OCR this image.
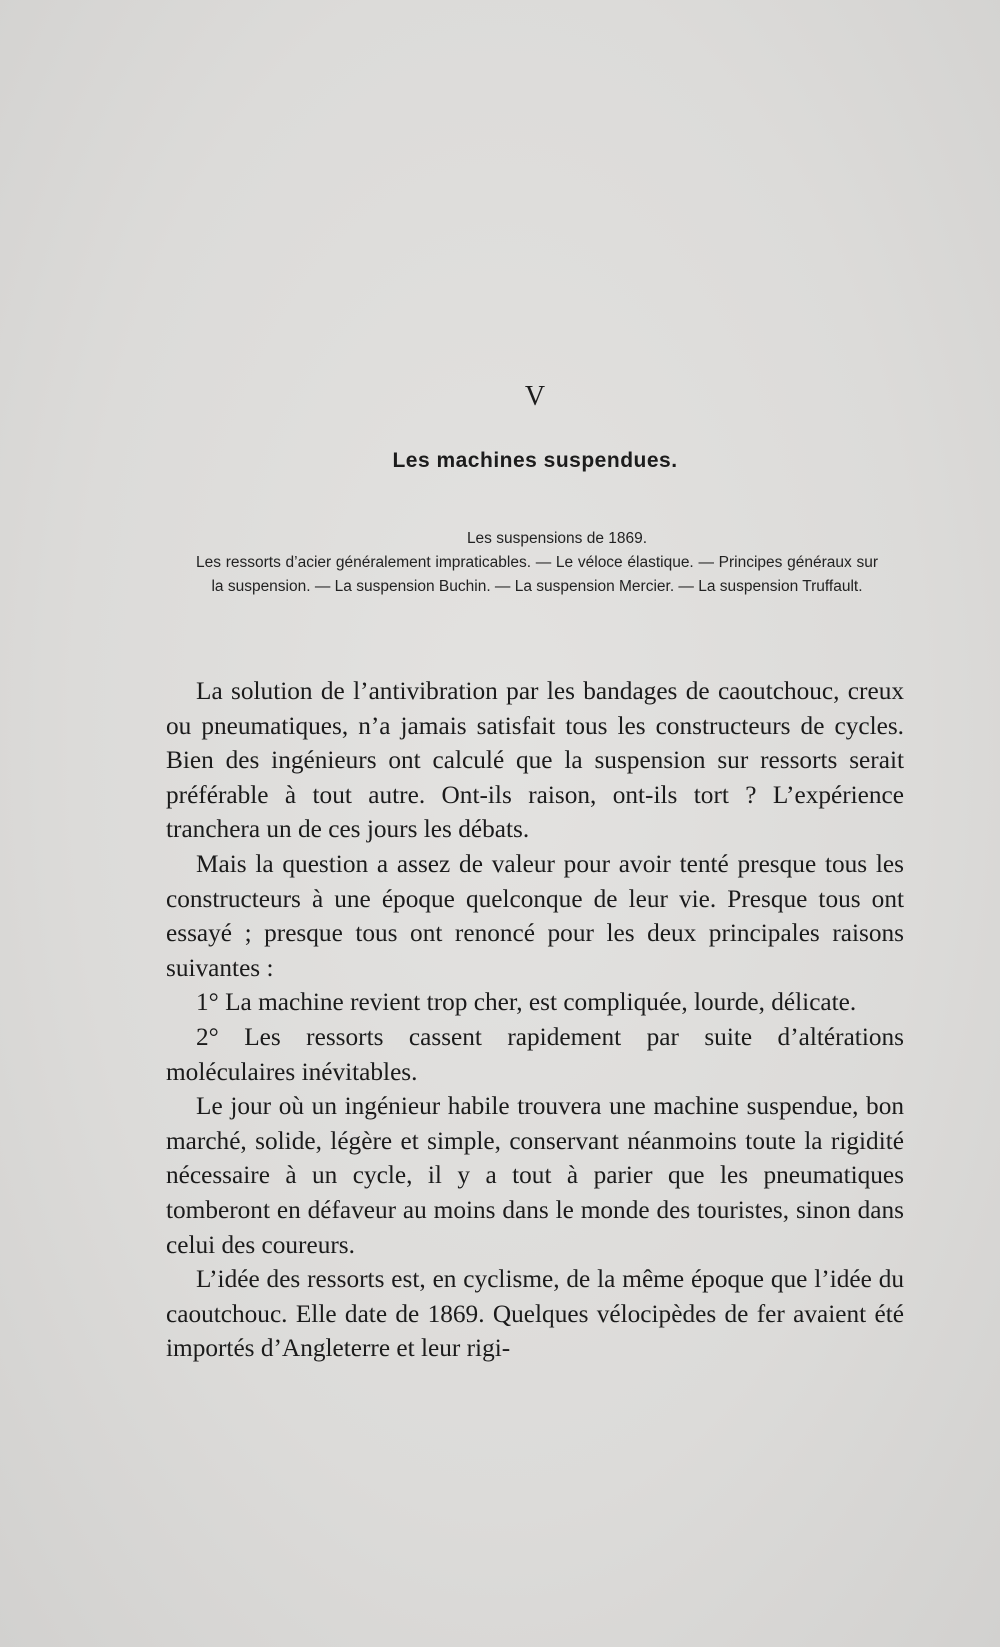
V
Les machines suspendues.
Les suspensions de 1869.
Les ressorts d’acier généralement impraticables. — Le véloce élastique. — Principes généraux sur la suspension. — La suspension Buchin. — La suspension Mercier. — La suspension Truffault.

La solution de l’antivibration par les bandages de caoutchouc, creux ou pneumatiques, n’a jamais satisfait tous les constructeurs de cycles. Bien des ingénieurs ont calculé que la suspension sur ressorts serait préférable à tout autre. Ont-ils raison, ont-ils tort ? L’expérience tranchera un de ces jours les débats.

Mais la question a assez de valeur pour avoir tenté presque tous les constructeurs à une époque quelconque de leur vie. Presque tous ont essayé ; presque tous ont renoncé pour les deux principales raisons suivantes :

1° La machine revient trop cher, est compliquée, lourde, délicate.

2° Les ressorts cassent rapidement par suite d’altérations moléculaires inévitables.

Le jour où un ingénieur habile trouvera une machine suspendue, bon marché, solide, légère et simple, conservant néanmoins toute la rigidité nécessaire à un cycle, il y a tout à parier que les pneumatiques tomberont en défaveur au moins dans le monde des touristes, sinon dans celui des coureurs.

L’idée des ressorts est, en cyclisme, de la même époque que l’idée du caoutchouc. Elle date de 1869. Quelques vélocipèdes de fer avaient été importés d’Angleterre et leur rigi-
